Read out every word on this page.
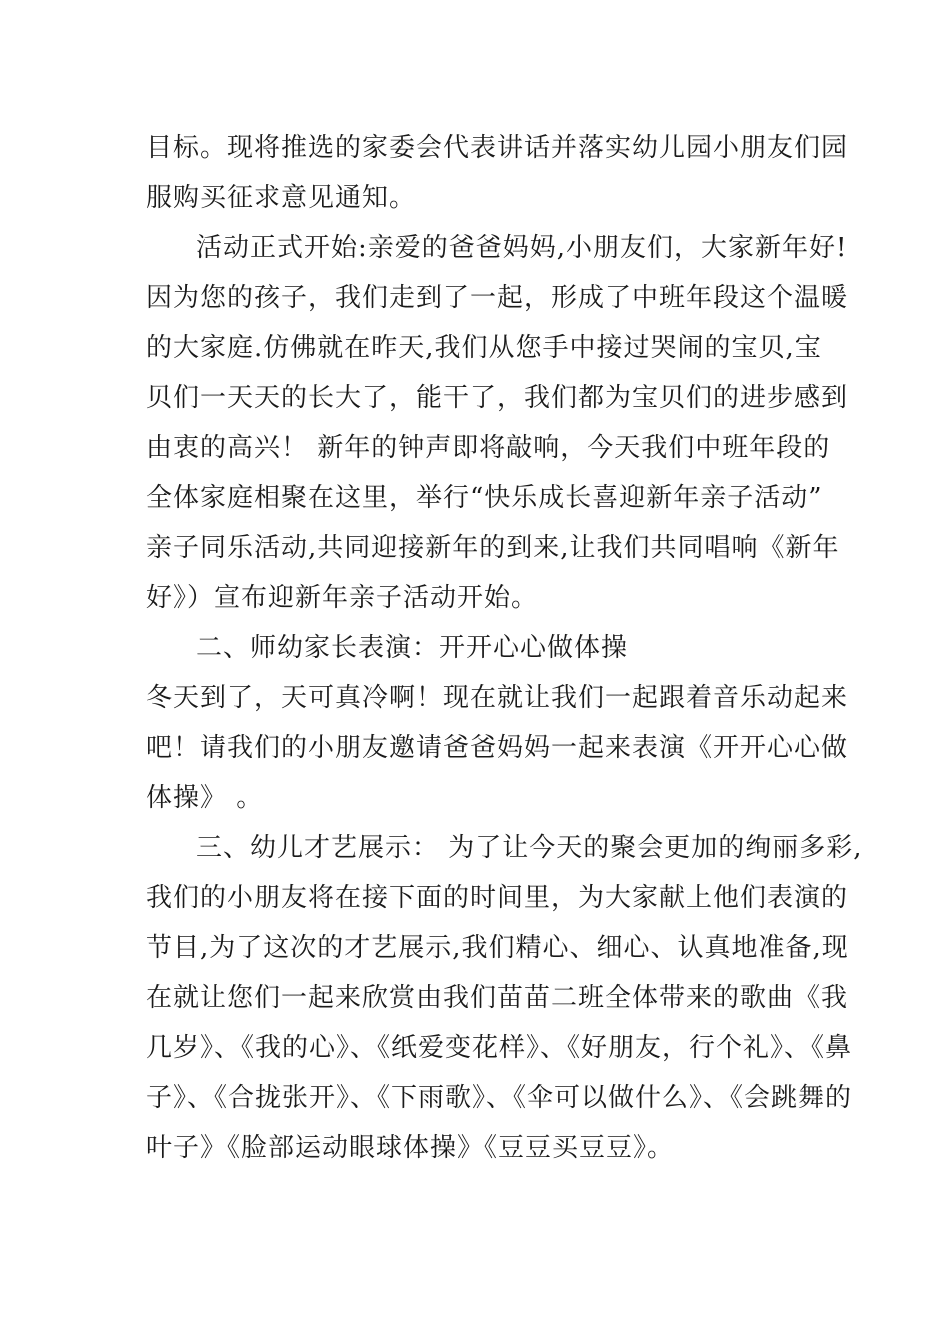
目标。现将推选的家委会代表讲话并落实幼儿园小朋友们园
服购买征求意见通知。
活动正式开始:亲爱的爸爸妈妈,小朋友们，大家新年好!
因为您的孩子，我们走到了一起，形成了中班年段这个温暖
的大家庭.仿佛就在昨天,我们从您手中接过哭闹的宝贝,宝
贝们一天天的长大了，能干了，我们都为宝贝们的进步感到
由衷的高兴！ 新年的钟声即将敲响，今天我们中班年段的
全体家庭相聚在这里，举行“快乐成长喜迎新年亲子活动”
亲子同乐活动,共同迎接新年的到来,让我们共同唱响《新年
好》）宣布迎新年亲子活动开始。
二、师幼家长表演：开开心心做体操
冬天到了，天可真冷啊！现在就让我们一起跟着音乐动起来
吧！请我们的小朋友邀请爸爸妈妈一起来表演《开开心心做
体操》 。
三、幼儿才艺展示： 为了让今天的聚会更加的绚丽多彩,
我们的小朋友将在接下面的时间里，为大家献上他们表演的
节目,为了这次的才艺展示,我们精心、细心、认真地准备,现
在就让您们一起来欣赏由我们苗苗二班全体带来的歌曲《我
几岁》、《我的心》、《纸爱变花样》、《好朋友，行个礼》、《鼻
子》、《合拢张开》、《下雨歌》、《伞可以做什么》、《会跳舞的
叶子》《脸部运动眼球体操》《豆豆买豆豆》。
